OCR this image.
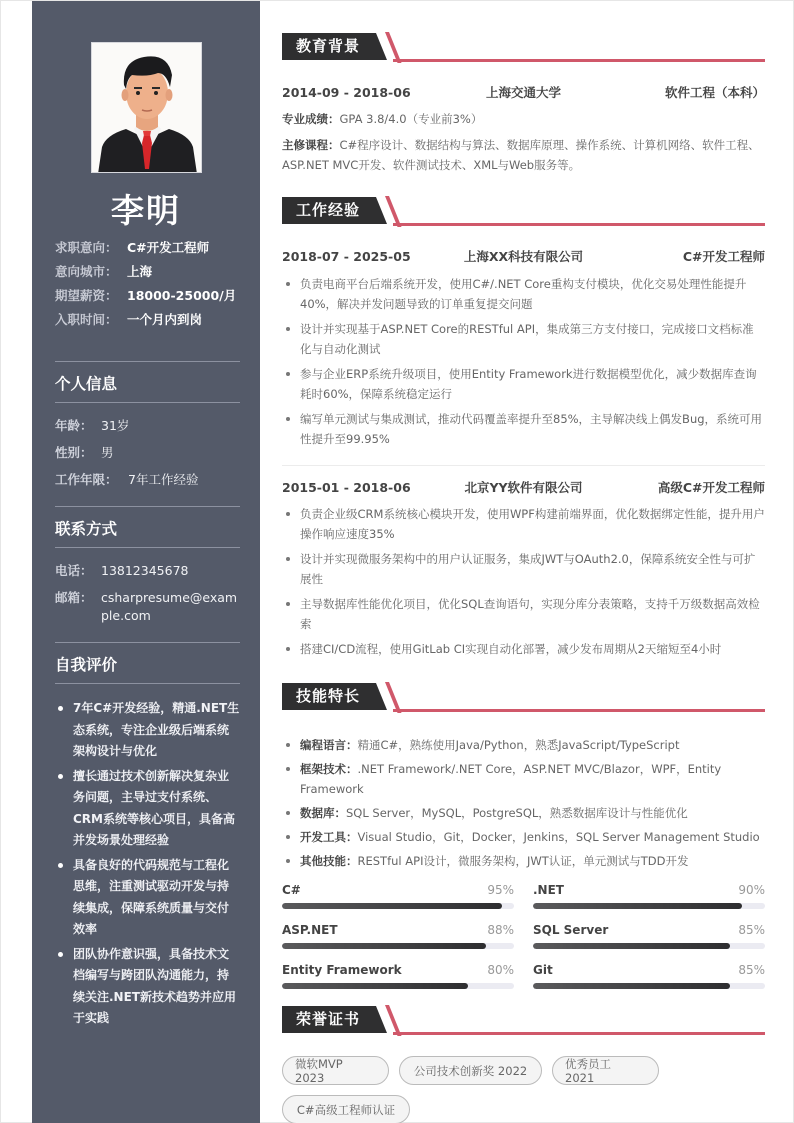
李明
求职意向： C#开发工程师
意向城市： 上海
期望薪资： 18000-25000/月
入职时间： 一个月内到岗
个人信息
年龄： 31岁
性别： 男
工作年限： 7年工作经验
联系方式
电话： 13812345678
邮箱： csharpresume@example.com
自我评价
7年C#开发经验，精通.NET生态系统，专注企业级后端系统架构设计与优化
擅长通过技术创新解决复杂业务问题，主导过支付系统、CRM系统等核心项目，具备高并发场景处理经验
具备良好的代码规范与工程化思维，注重测试驱动开发与持续集成，保障系统质量与交付效率
团队协作意识强，具备技术文档编写与跨团队沟通能力，持续关注.NET新技术趋势并应用于实践
教育背景
2014-09 - 2018-06	上海交通大学	软件工程（本科）
专业成绩：GPA 3.8/4.0（专业前3%）
主修课程：C#程序设计、数据结构与算法、数据库原理、操作系统、计算机网络、软件工程、ASP.NET MVC开发、软件测试技术、XML与Web服务等。
工作经验
2018-07 - 2025-05	上海XX科技有限公司	C#开发工程师
负责电商平台后端系统开发，使用C#/.NET Core重构支付模块，优化交易处理性能提升40%，解决并发问题导致的订单重复提交问题
设计并实现基于ASP.NET Core的RESTful API，集成第三方支付接口，完成接口文档标准化与自动化测试
参与企业ERP系统升级项目，使用Entity Framework进行数据模型优化，减少数据库查询耗时60%，保障系统稳定运行
编写单元测试与集成测试，推动代码覆盖率提升至85%，主导解决线上偶发Bug，系统可用性提升至99.95%
2015-01 - 2018-06	北京YY软件有限公司	高级C#开发工程师
负责企业级CRM系统核心模块开发，使用WPF构建前端界面，优化数据绑定性能，提升用户操作响应速度35%
设计并实现微服务架构中的用户认证服务，集成JWT与OAuth2.0，保障系统安全性与可扩展性
主导数据库性能优化项目，优化SQL查询语句，实现分库分表策略，支持千万级数据高效检索
搭建CI/CD流程，使用GitLab CI实现自动化部署，减少发布周期从2天缩短至4小时
技能特长
编程语言：精通C#，熟练使用Java/Python，熟悉JavaScript/TypeScript
框架技术：.NET Framework/.NET Core，ASP.NET MVC/Blazor，WPF，Entity Framework
数据库：SQL Server，MySQL，PostgreSQL，熟悉数据库设计与性能优化
开发工具：Visual Studio，Git，Docker，Jenkins，SQL Server Management Studio
其他技能：RESTful API设计，微服务架构，JWT认证，单元测试与TDD开发
C#	95% .NET	90%
ASP.NET	88% SQL Server	85%
Entity Framework	80% Git	85%
荣誉证书
微软MVP 2023	公司技术创新奖 2022	优秀员工 2021
C#高级工程师认证
